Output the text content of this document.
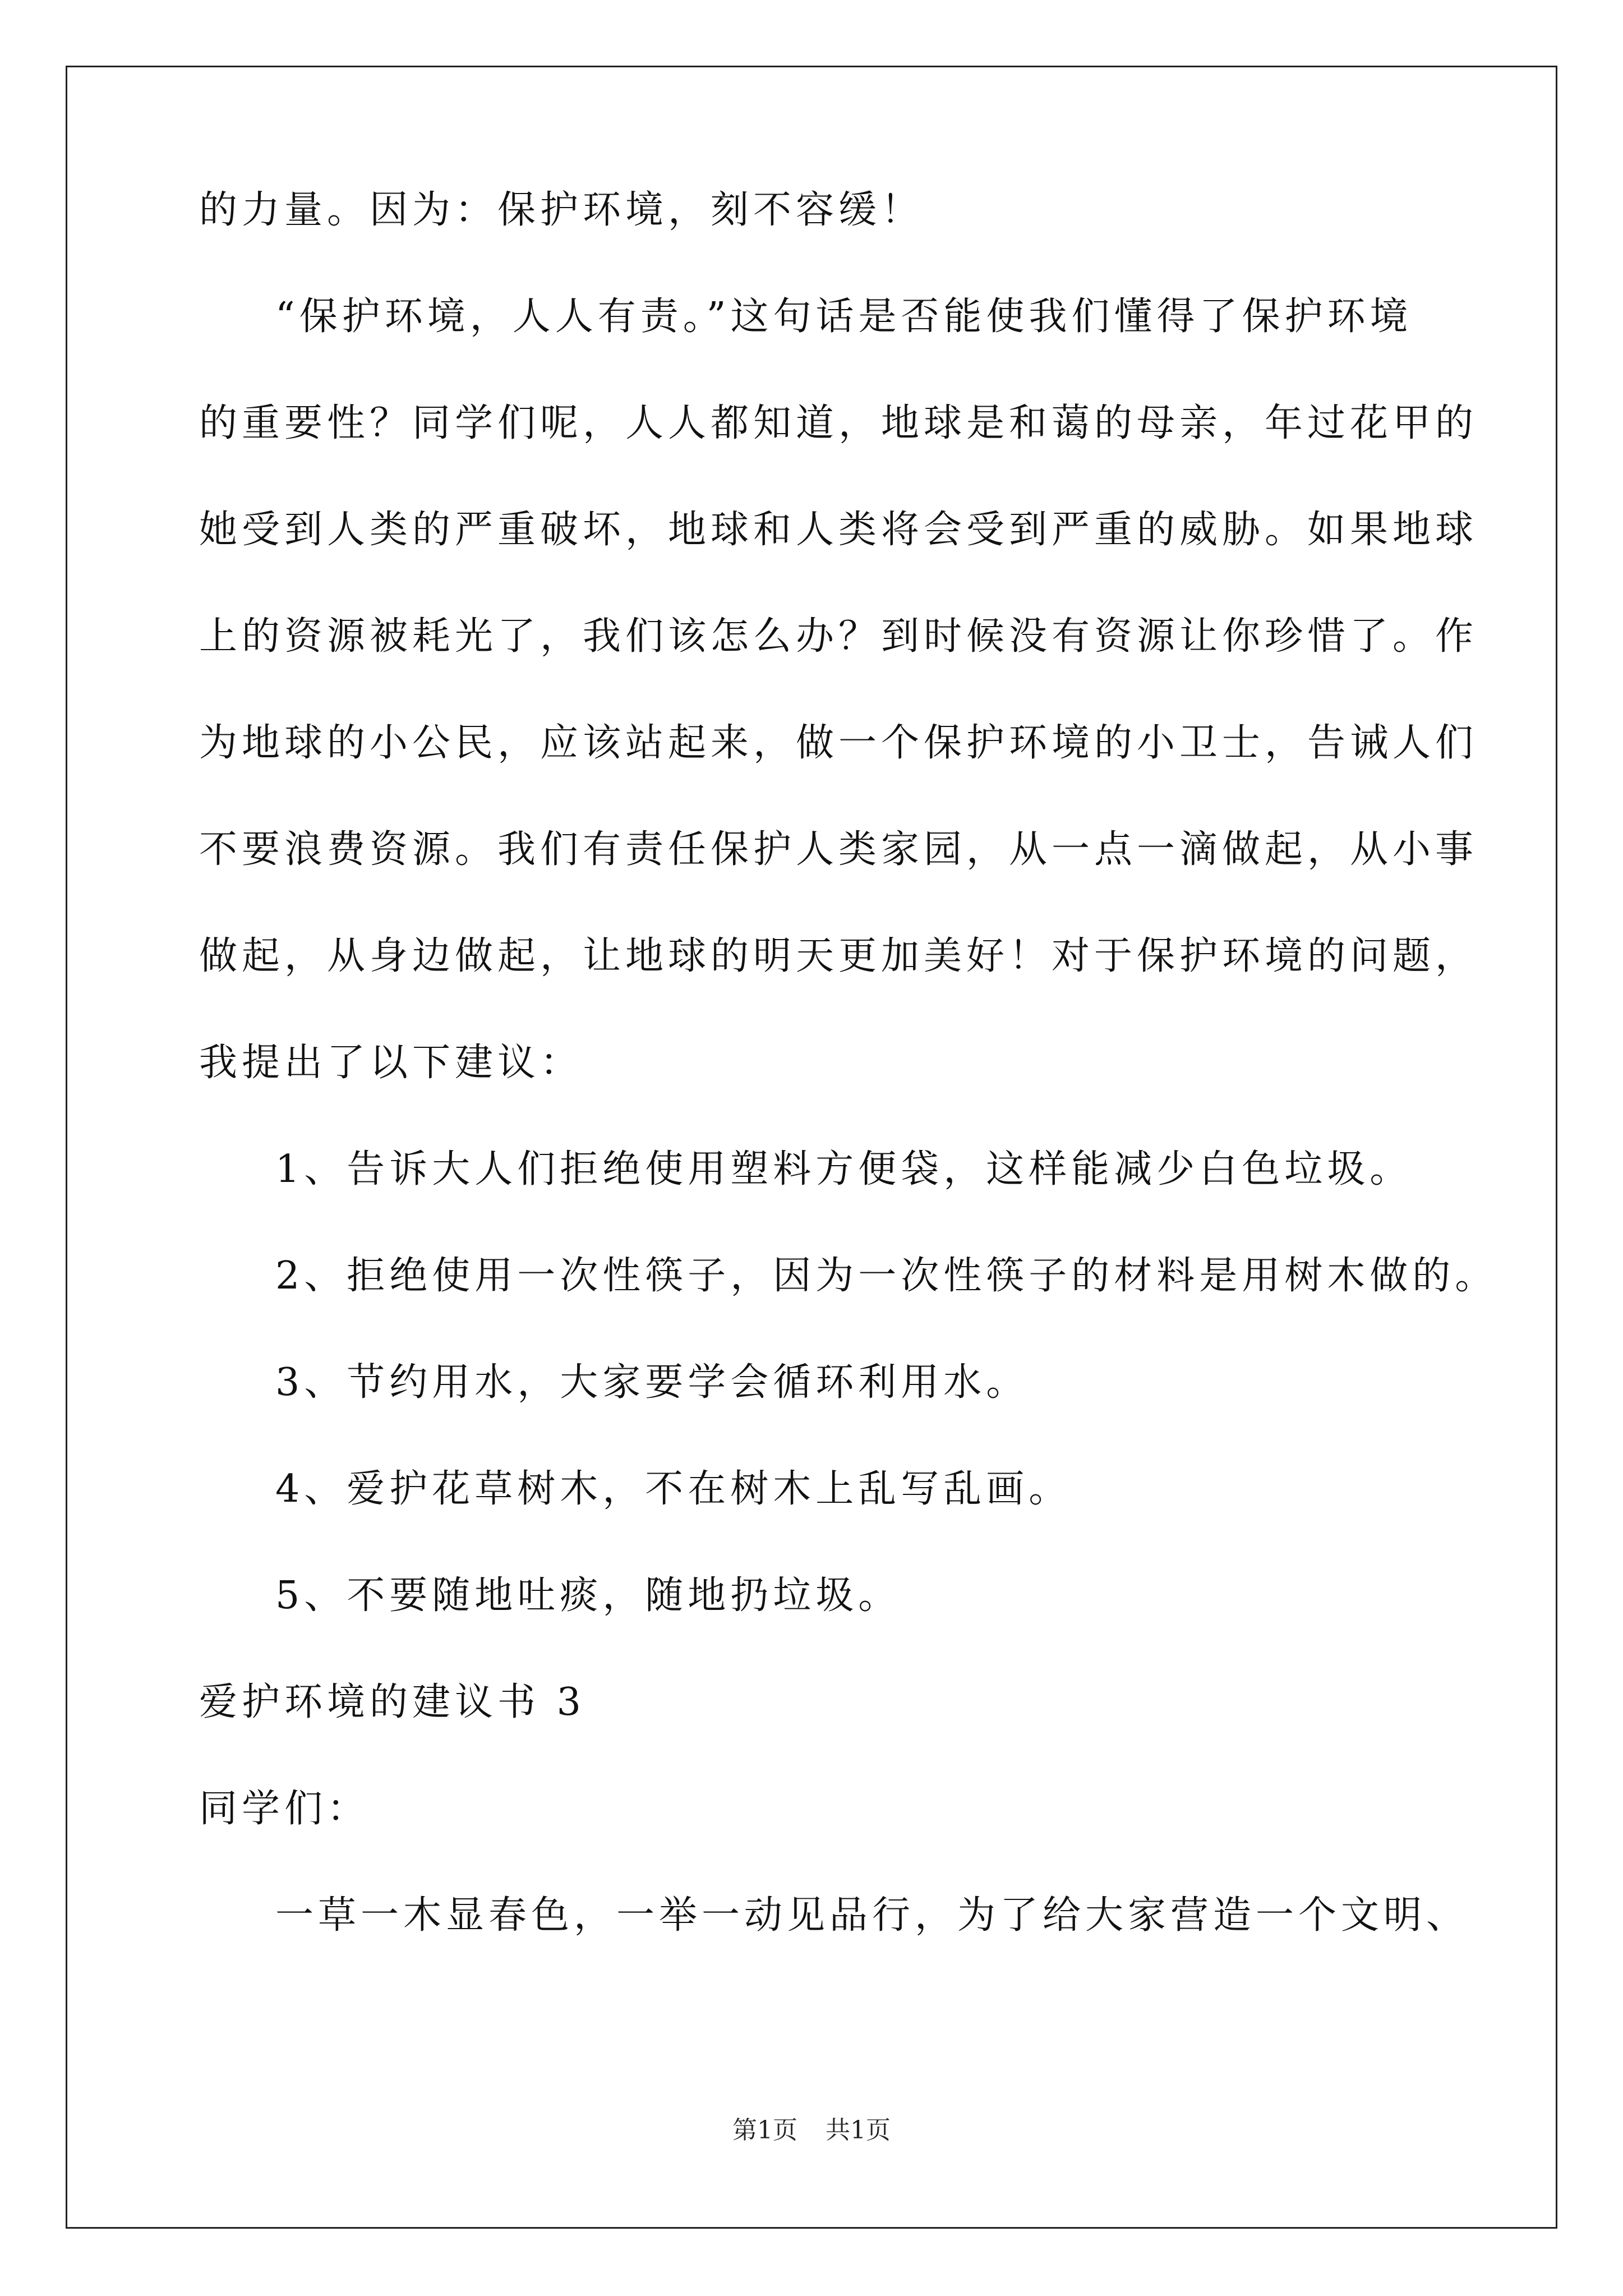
的力量。因为：保护环境，刻不容缓！
“保护环境，人人有责。”这句话是否能使我们懂得了保护环境
的重要性？同学们呢，人人都知道，地球是和蔼的母亲，年过花甲的
她受到人类的严重破坏，地球和人类将会受到严重的威胁。如果地球
上的资源被耗光了，我们该怎么办？到时候没有资源让你珍惜了。作
为地球的小公民，应该站起来，做一个保护环境的小卫士，告诫人们
不要浪费资源。我们有责任保护人类家园，从一点一滴做起，从小事
做起，从身边做起，让地球的明天更加美好！对于保护环境的问题，
我提出了以下建议：
1、告诉大人们拒绝使用塑料方便袋，这样能减少白色垃圾。
2、拒绝使用一次性筷子，因为一次性筷子的材料是用树木做的。
3、节约用水，大家要学会循环利用水。
4、爱护花草树木，不在树木上乱写乱画。
5、不要随地吐痰，随地扔垃圾。
爱护环境的建议书 3
同学们：
一草一木显春色，一举一动见品行，为了给大家营造一个文明、
第1页 共1页
